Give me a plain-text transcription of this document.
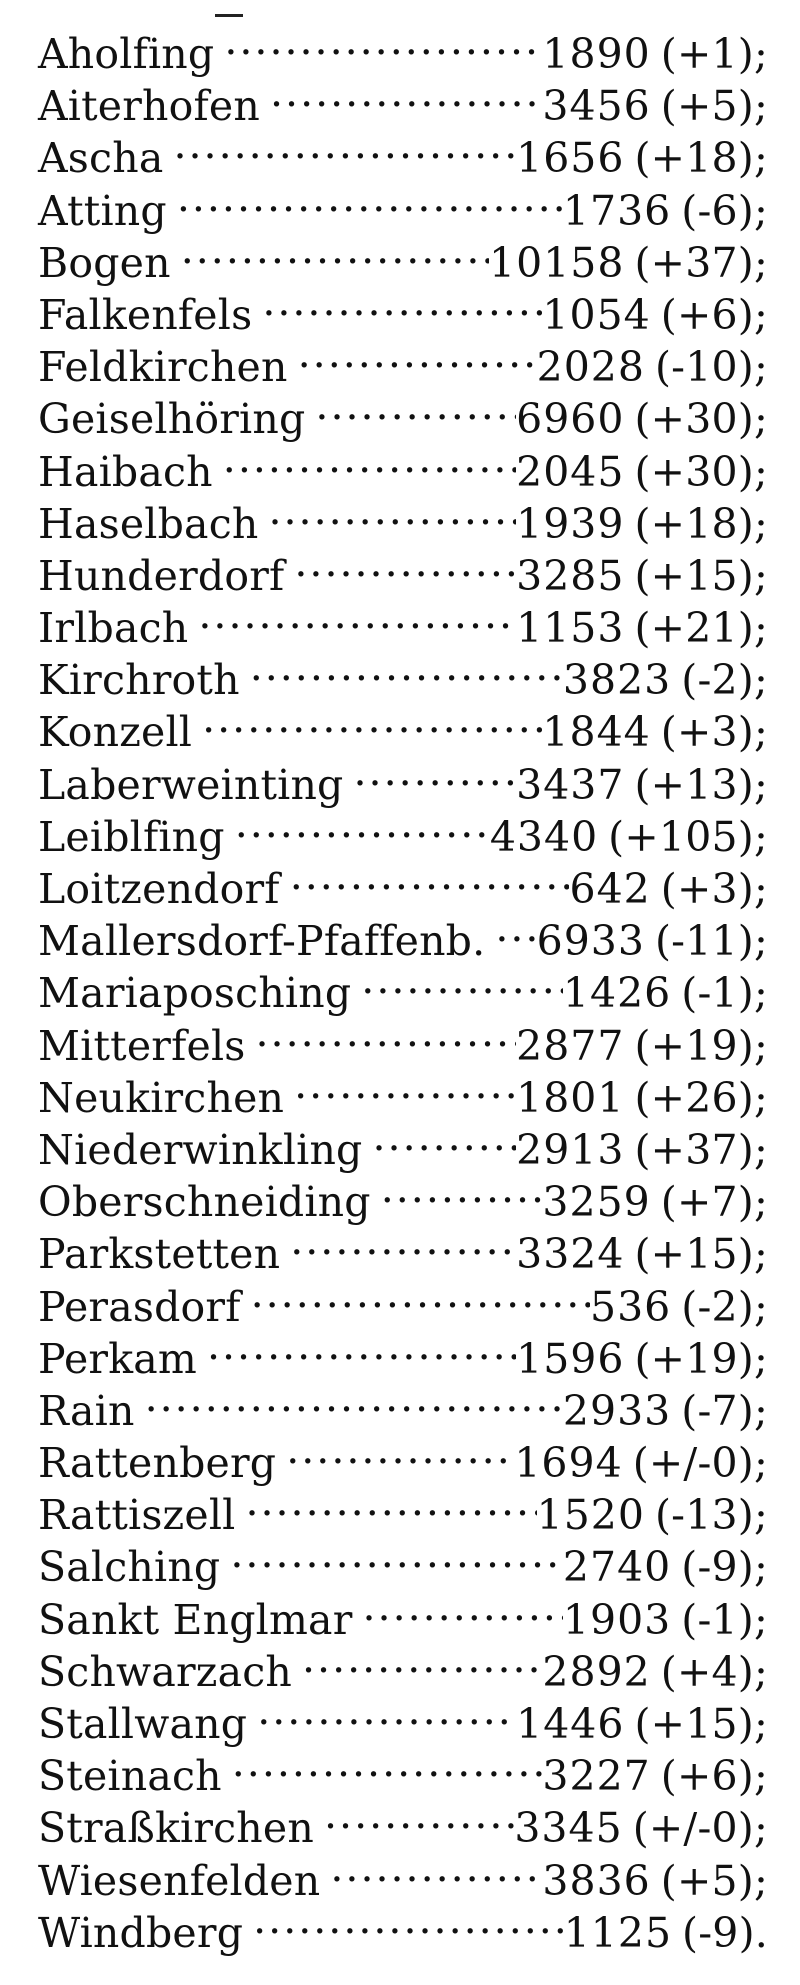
Aholfing .....	1890 (+1);
Aiterhofen .....	3456 (+5);
Ascha .....	1656 (+18);
Atting .....	1736 (-6);
Bogen .....	10158 (+37);
Falkenfels .....	1054 (+6);
Feldkirchen .....	2028 (-10);
Geiselhöring .....	6960 (+30);
Haibach .....	2045 (+30);
Haselbach .....	1939 (+18);
Hunderdorf .....	3285 (+15);
Irlbach .....	1153 (+21);
Kirchroth .....	3823 (-2);
Konzell .....	1844 (+3);
Laberweinting .....	3437 (+13);
Leiblfing .....	4340 (+105);
Loitzendorf .....	642 (+3);
Mallersdorf-Pfaffenb. ..... 6933 (-11);
Mariaposching .....	1426 (-1);
Mitterfels .....	2877 (+19);
Neukirchen .....	1801 (+26);
Niederwinkling .....	2913 (+37);
Oberschneiding .....	3259 (+7);
Parkstetten .....	3324 (+15);
Perasdorf .....	536 (-2);
Perkam .....	1596 (+19);
Rain .....	2933 (-7);
Rattenberg .....	1694 (+/-0);
Rattiszell .....	1520 (-13);
Salching .....	2740 (-9);
Sankt Englmar .....	1903 (-1);
Schwarzach .....	2892 (+4);
Stallwang .....	1446 (+15);
Steinach .....	3227 (+6);
Straßkirchen .....	3345 (+/-0);
Wiesenfelden .....	3836 (+5);
Windberg .....	1125 (-9).
